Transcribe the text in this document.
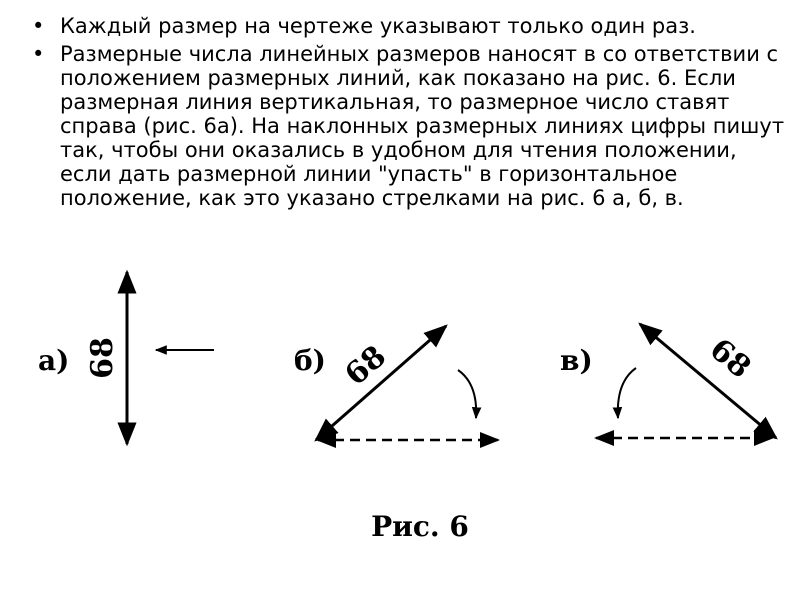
• Каждый размер на чертеже указывают только один раз.
• Размерные числа линейных размеров наносят в со ответствии с положением размерных линий, как показано на рис. 6. Если размерная линия вертикальная, то размерное число ставят справа (рис. 6а). На наклонных размерных линиях цифры пишут так, чтобы они оказались в удобном для чтения положении, если дать размерной линии "упасть" в горизонтальное положение, как это указано стрелками на рис. 6 а, б, в.
а) 68	б) 68	в)	68
Рис. 6
